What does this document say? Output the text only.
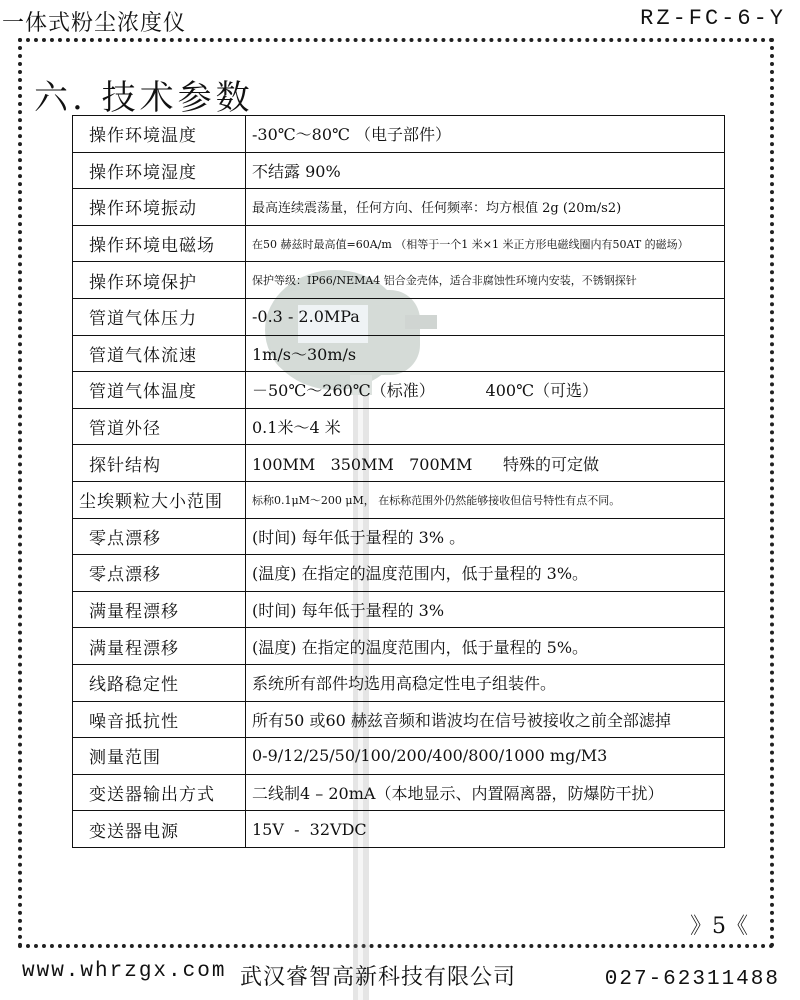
一体式粉尘浓度仪	RZ-FC-6-Y
六. 技术参数
操作环境温度	-30℃～80℃ （电子部件）
操作环境湿度	不结露 90%
操作环境振动	最高连续震荡量，任何方向、任何频率：均方根值 2g (20m/s2)
操作环境电磁场	在50 赫兹时最高值=60A/m （相等于一个1 米×1 米正方形电磁线圈内有50AT 的磁场）
操作环境保护	保护等级：IP66/NEMA4 铝合金壳体，适合非腐蚀性环境内安装，不锈钢探针
管道气体压力	-0.3 - 2.0MPa
管道气体流速	1m/s～30m/s
管道气体温度	－50℃～260℃（标准）          400℃（可选）
管道外径	0.1米～4 米
探针结构	100MM   350MM   700MM      特殊的可定做
尘埃颗粒大小范围	标称0.1μM～200 μM， 在标称范围外仍然能够接收但信号特性有点不同。
零点漂移	(时间) 每年低于量程的 3% 。
零点漂移	(温度) 在指定的温度范围内，低于量程的 3%。
满量程漂移	(时间) 每年低于量程的 3%
满量程漂移	(温度) 在指定的温度范围内，低于量程的 5%。
线路稳定性	系统所有部件均选用高稳定性电子组装件。
噪音抵抗性	所有50 或60 赫兹音频和谐波均在信号被接收之前全部滤掉
测量范围	0-9/12/25/50/100/200/400/800/1000 mg/M3
变送器输出方式	二线制4 – 20mA（本地显示、内置隔离器，防爆防干扰）
变送器电源	15V  -  32VDC
》5《
www.whrzgx.com 武汉睿智高新科技有限公司	027-62311488
